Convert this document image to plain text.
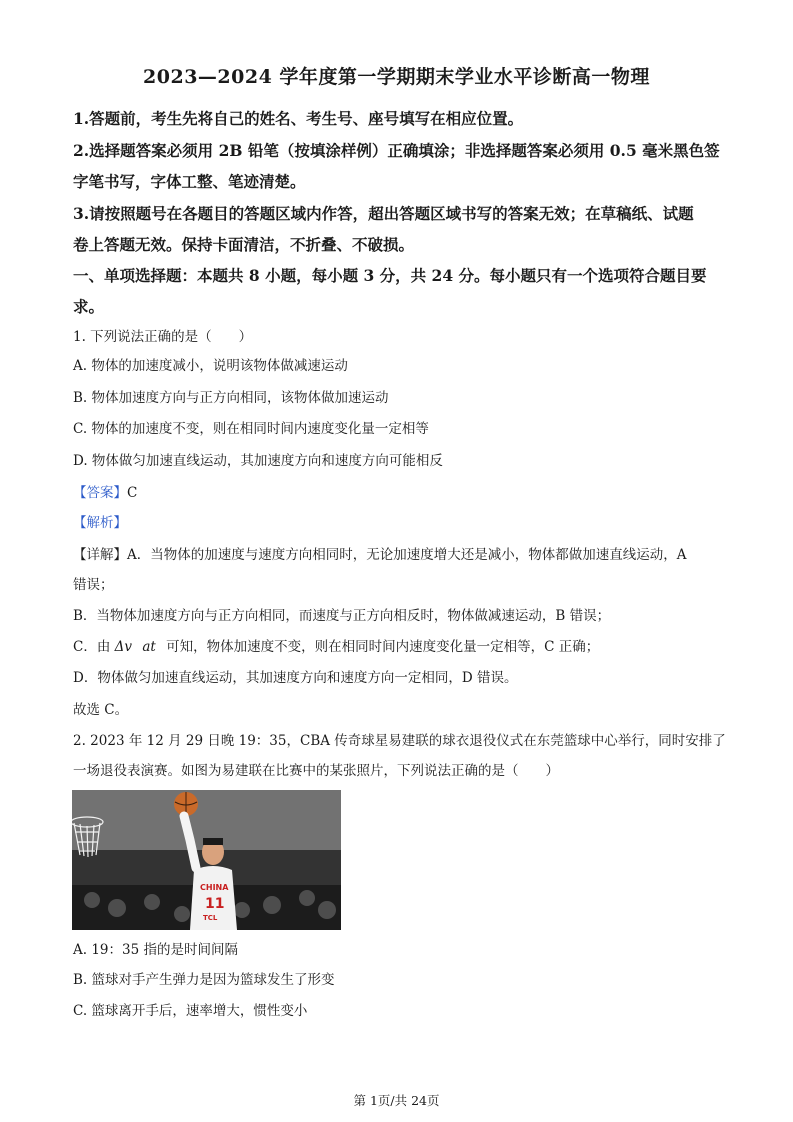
2023—2024 学年度第一学期期末学业水平诊断高一物理
1.答题前，考生先将自己的姓名、考生号、座号填写在相应位置。
2.选择题答案必须用 2B 铅笔（按填涂样例）正确填涂；非选择题答案必须用 0.5 毫米黑色签
字笔书写，字体工整、笔迹清楚。
3.请按照题号在各题目的答题区域内作答，超出答题区域书写的答案无效；在草稿纸、试题
卷上答题无效。保持卡面清洁，不折叠、不破损。
一、单项选择题：本题共 8 小题，每小题 3 分，共 24 分。每小题只有一个选项符合题目要
求。
1. 下列说法正确的是（　　）
A. 物体的加速度减小，说明该物体做减速运动
B. 物体加速度方向与正方向相同，该物体做加速运动
C. 物体的加速度不变，则在相同时间内速度变化量一定相等
D. 物体做匀加速直线运动，其加速度方向和速度方向可能相反
【答案】C
【解析】
【详解】A．当物体的加速度与速度方向相同时，无论加速度增大还是减小，物体都做加速直线运动，A
错误；
B．当物体加速度方向与正方向相同，而速度与正方向相反时，物体做减速运动，B 错误；
C．由 Δv at 可知，物体加速度不变，则在相同时间内速度变化量一定相等，C 正确；
D．物体做匀加速直线运动，其加速度方向和速度方向一定相同，D 错误。
故选 C。
2. 2023 年 12 月 29 日晚 19：35，CBA 传奇球星易建联的球衣退役仪式在东莞篮球中心举行，同时安排了
一场退役表演赛。如图为易建联在比赛中的某张照片，下列说法正确的是（　　）
CHINA
11
TCL
A. 19：35 指的是时间间隔
B. 篮球对手产生弹力是因为篮球发生了形变
C. 篮球离开手后，速率增大，惯性变小
第 1页/共 24页
